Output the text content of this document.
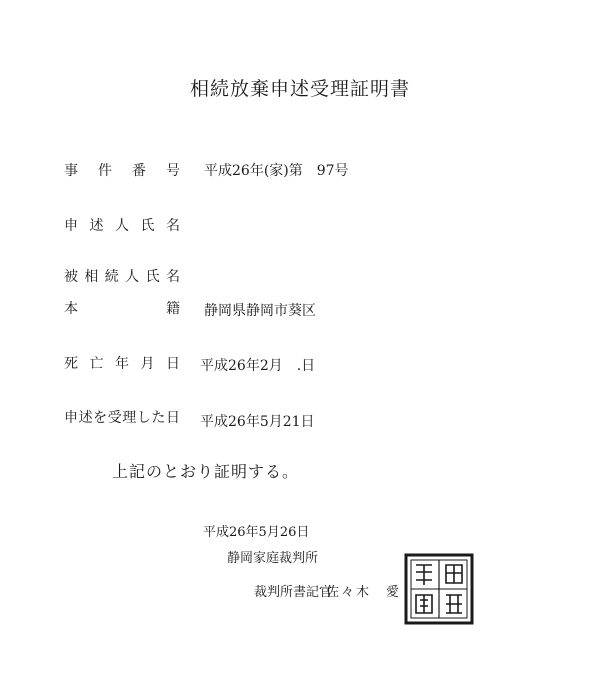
相続放棄申述受理証明書
事 件 番 号 平成26年(家)第　97号
申 述 人 氏 名
被 相 続 人 氏 名
本	籍 静岡県静岡市葵区
死 亡 年 月 日 平成26年2月　.日
申 述 を 受 理 し た 日 平成26年5月21日
上記のとおり証明する。
平成26年5月26日
静岡家庭裁判所
裁判所書記官
佐々木　愛
